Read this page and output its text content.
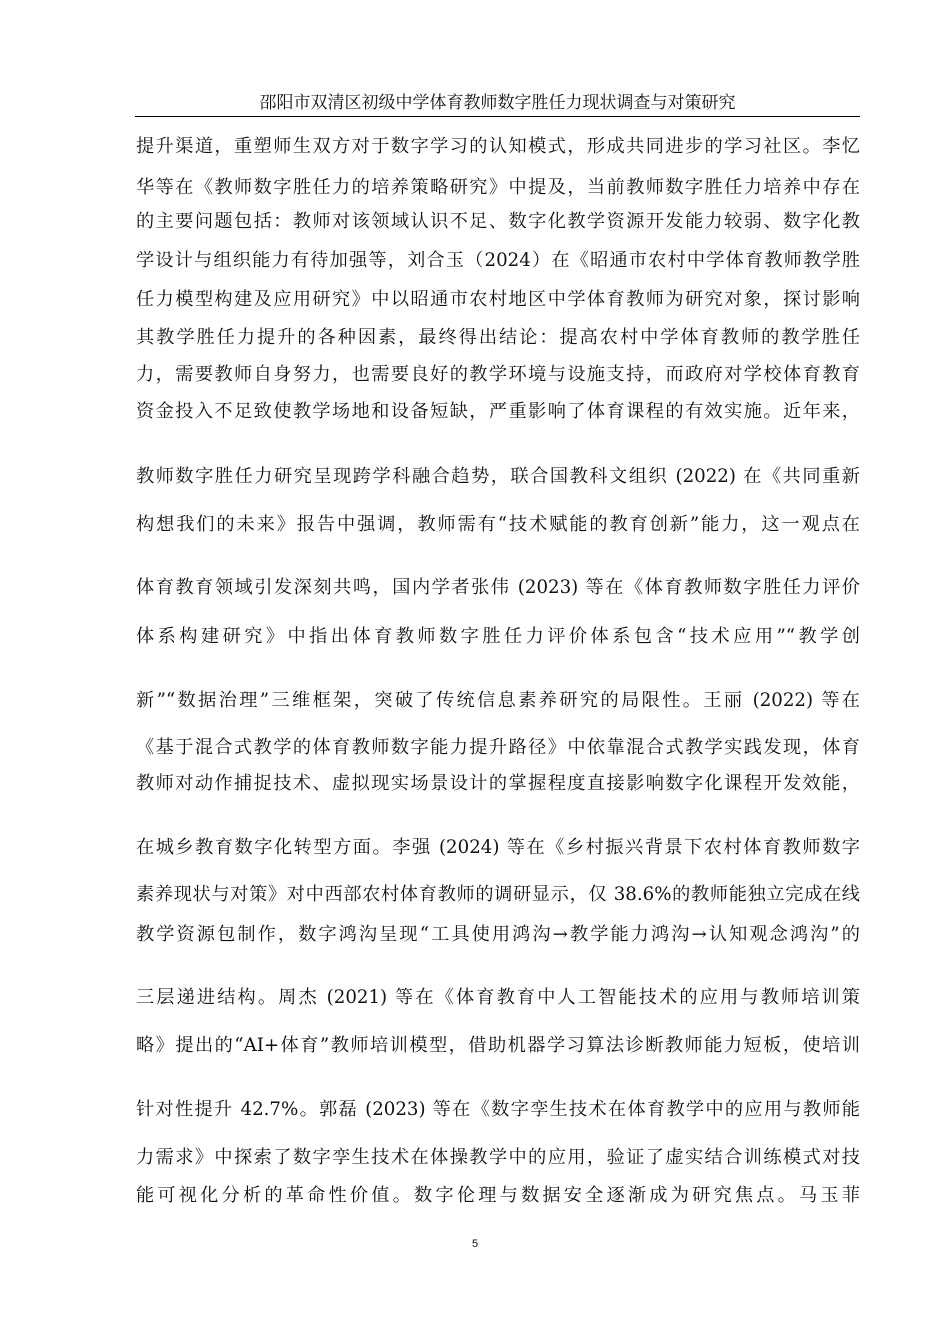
邵阳市双清区初级中学体育教师数字胜任力现状调查与对策研究
提升渠道，重塑师生双方对于数字学习的认知模式，形成共同进步的学习社区。李忆
华等在《教师数字胜任力的培养策略研究》中提及，当前教师数字胜任力培养中存在
的主要问题包括：教师对该领域认识不足、数字化教学资源开发能力较弱、数字化教
学设计与组织能力有待加强等，刘合玉（2024）在《昭通市农村中学体育教师教学胜
任力模型构建及应用研究》中以昭通市农村地区中学体育教师为研究对象，探讨影响
其教学胜任力提升的各种因素，最终得出结论：提高农村中学体育教师的教学胜任
力，需要教师自身努力，也需要良好的教学环境与设施支持，而政府对学校体育教育
资金投入不足致使教学场地和设备短缺，严重影响了体育课程的有效实施。近年来，
教师数字胜任力研究呈现跨学科融合趋势，联合国教科文组织 (2022) 在《共同重新
构想我们的未来》报告中强调，教师需有“技术赋能的教育创新”能力，这一观点在
体育教育领域引发深刻共鸣，国内学者张伟 (2023) 等在《体育教师数字胜任力评价
体系构建研究》中指出体育教师数字胜任力评价体系包含“技术应用”“教学创
新”“数据治理”三维框架，突破了传统信息素养研究的局限性。王丽 (2022) 等在
《基于混合式教学的体育教师数字能力提升路径》中依靠混合式教学实践发现，体育
教师对动作捕捉技术、虚拟现实场景设计的掌握程度直接影响数字化课程开发效能，
在城乡教育数字化转型方面。李强 (2024) 等在《乡村振兴背景下农村体育教师数字
素养现状与对策》对中西部农村体育教师的调研显示，仅 38.6%的教师能独立完成在线
教学资源包制作，数字鸿沟呈现“工具使用鸿沟→教学能力鸿沟→认知观念鸿沟”的
三层递进结构。周杰 (2021) 等在《体育教育中人工智能技术的应用与教师培训策
略》提出的“AI+体育”教师培训模型，借助机器学习算法诊断教师能力短板，使培训
针对性提升 42.7%。郭磊 (2023) 等在《数字孪生技术在体育教学中的应用与教师能
力需求》中探索了数字孪生技术在体操教学中的应用，验证了虚实结合训练模式对技
能可视化分析的革命性价值。数字伦理与数据安全逐渐成为研究焦点。马玉菲
5
